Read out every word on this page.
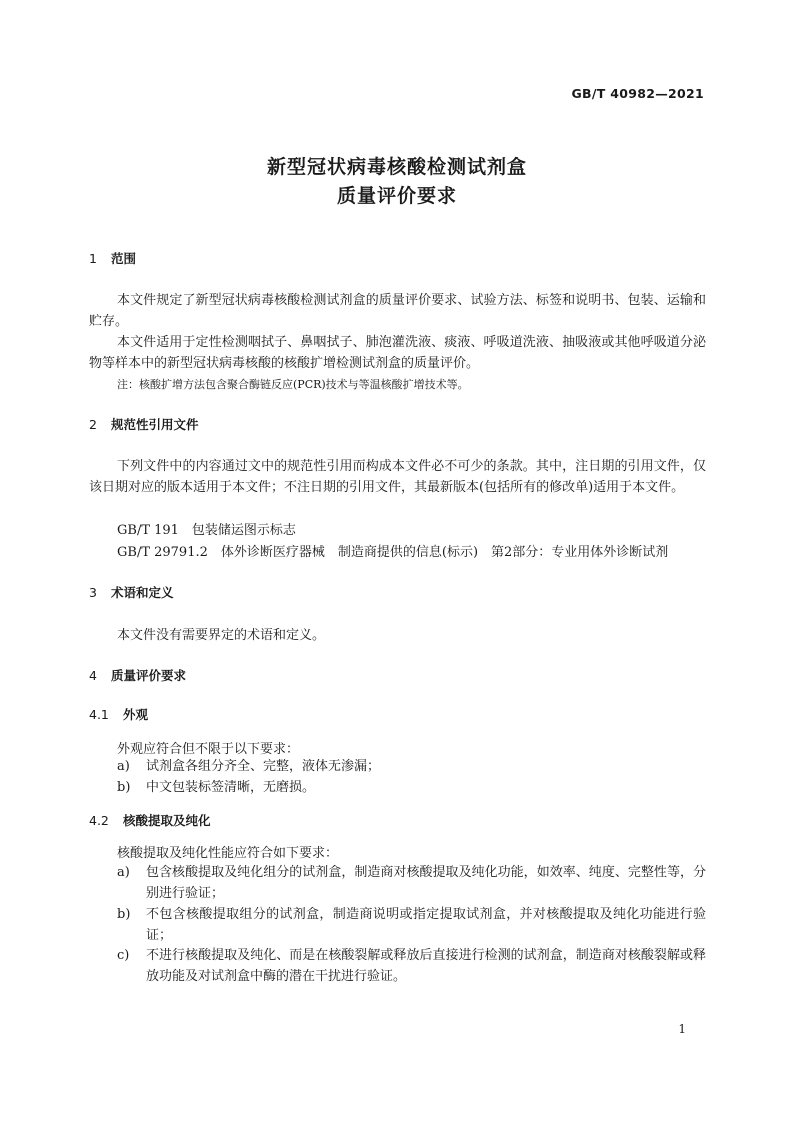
GB/T 40982—2021
新型冠状病毒核酸检测试剂盒
质量评价要求
1 范围
本文件规定了新型冠状病毒核酸检测试剂盒的质量评价要求、试验方法、标签和说明书、包装、运输和贮存。
本文件适用于定性检测咽拭子、鼻咽拭子、肺泡灌洗液、痰液、呼吸道洗液、抽吸液或其他呼吸道分泌物等样本中的新型冠状病毒核酸的核酸扩增检测试剂盒的质量评价。
注：核酸扩增方法包含聚合酶链反应(PCR)技术与等温核酸扩增技术等。
2 规范性引用文件
下列文件中的内容通过文中的规范性引用而构成本文件必不可少的条款。其中，注日期的引用文件，仅该日期对应的版本适用于本文件；不注日期的引用文件，其最新版本(包括所有的修改单)适用于本文件。
GB/T 191　包装储运图示标志
GB/T 29791.2　体外诊断医疗器械　制造商提供的信息(标示)　第2部分：专业用体外诊断试剂
3 术语和定义
本文件没有需要界定的术语和定义。
4 质量评价要求
4.1 外观
外观应符合但不限于以下要求：
a) 试剂盒各组分齐全、完整，液体无渗漏；
b) 中文包装标签清晰，无磨损。
4.2 核酸提取及纯化
核酸提取及纯化性能应符合如下要求：
a) 包含核酸提取及纯化组分的试剂盒，制造商对核酸提取及纯化功能，如效率、纯度、完整性等，分别进行验证；
b) 不包含核酸提取组分的试剂盒，制造商说明或指定提取试剂盒，并对核酸提取及纯化功能进行验证；
c) 不进行核酸提取及纯化、而是在核酸裂解或释放后直接进行检测的试剂盒，制造商对核酸裂解或释放功能及对试剂盒中酶的潜在干扰进行验证。
1
